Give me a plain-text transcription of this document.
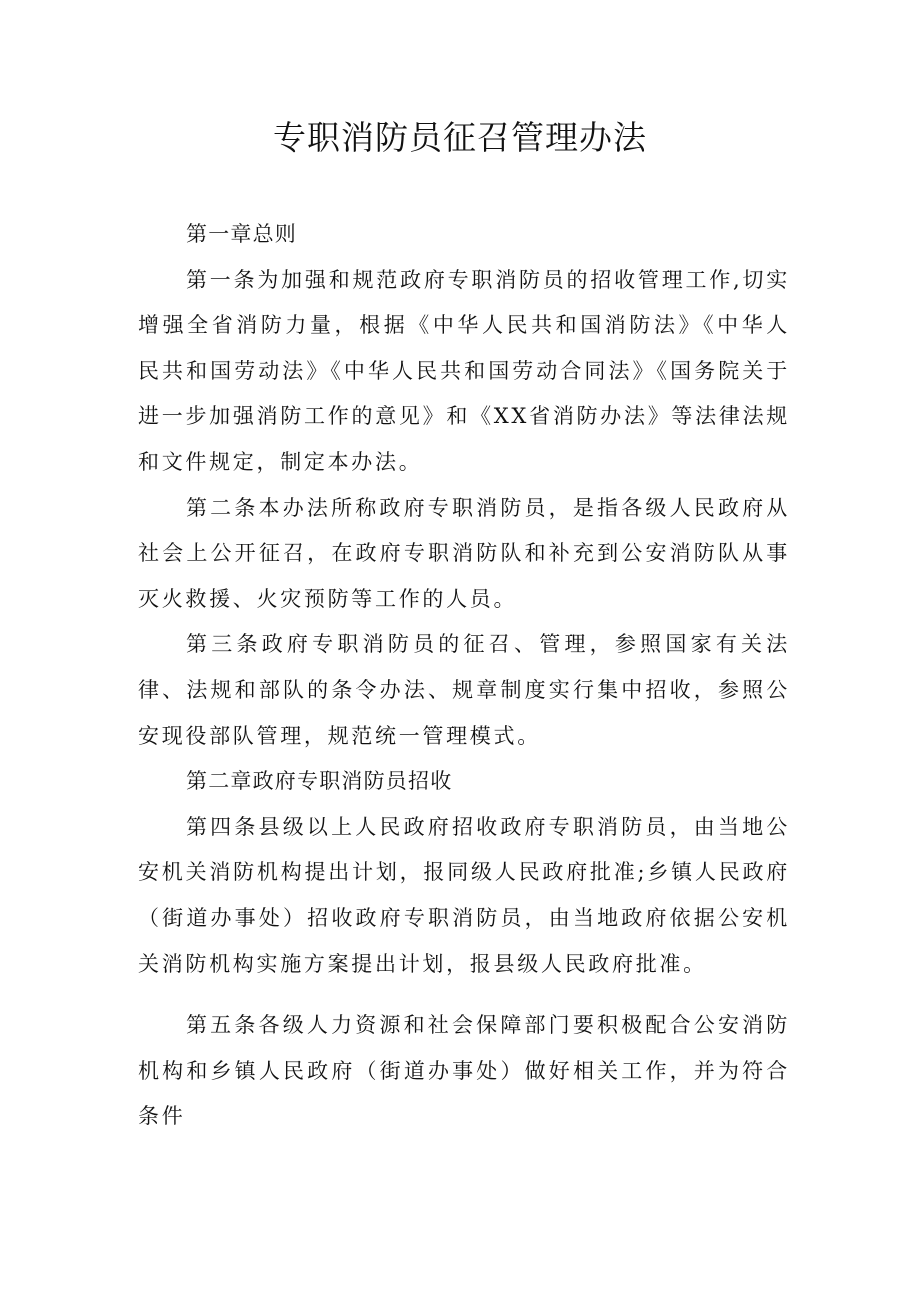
专职消防员征召管理办法

第一章总则

第一条为加强和规范政府专职消防员的招收管理工作,切实增强全省消防力量，根据《中华人民共和国消防法》《中华人民共和国劳动法》《中华人民共和国劳动合同法》《国务院关于进一步加强消防工作的意见》和《XX省消防办法》等法律法规和文件规定，制定本办法。

第二条本办法所称政府专职消防员，是指各级人民政府从社会上公开征召，在政府专职消防队和补充到公安消防队从事灭火救援、火灾预防等工作的人员。

第三条政府专职消防员的征召、管理，参照国家有关法律、法规和部队的条令办法、规章制度实行集中招收，参照公安现役部队管理，规范统一管理模式。

第二章政府专职消防员招收

第四条县级以上人民政府招收政府专职消防员，由当地公安机关消防机构提出计划，报同级人民政府批准;乡镇人民政府（街道办事处）招收政府专职消防员，由当地政府依据公安机关消防机构实施方案提出计划，报县级人民政府批准。

第五条各级人力资源和社会保障部门要积极配合公安消防机构和乡镇人民政府（街道办事处）做好相关工作，并为符合条件
